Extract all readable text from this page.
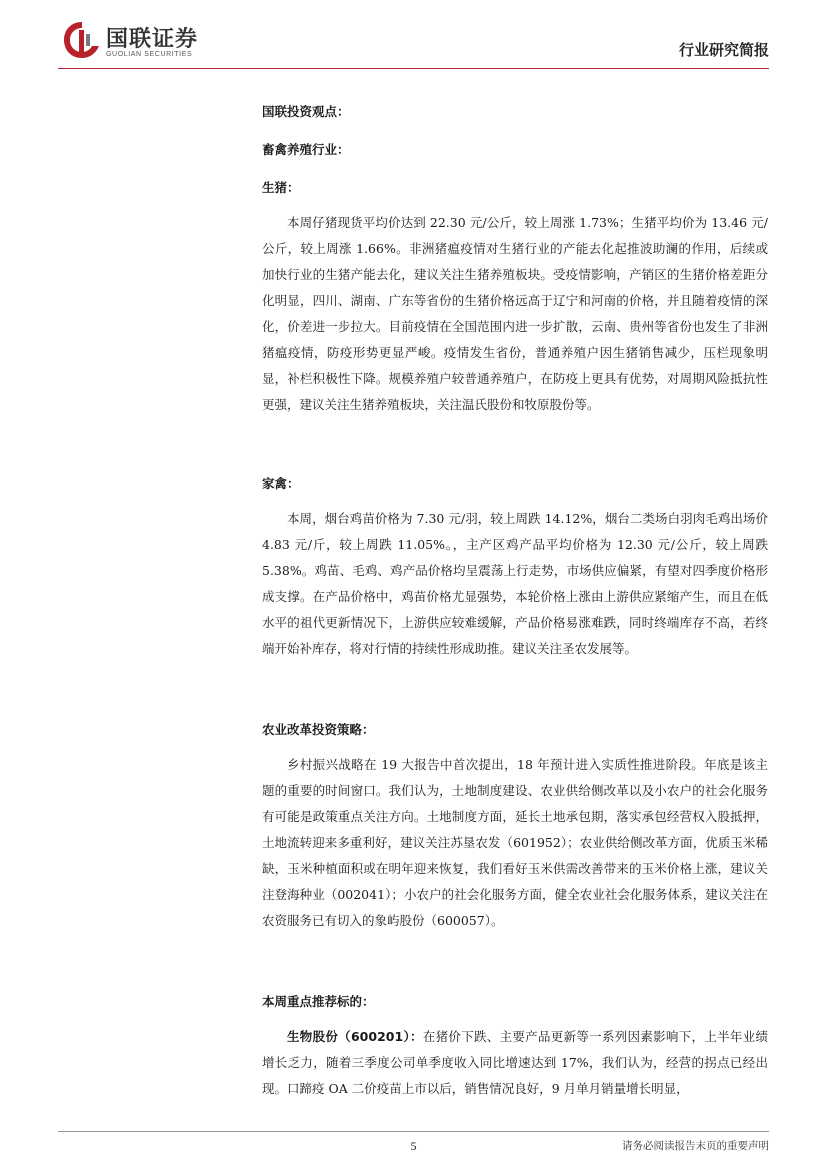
国联证券
GUOLIAN SECURITIES	行业研究简报
国联投资观点：
畜禽养殖行业：
生猪：

本周仔猪现货平均价达到 22.30 元/公斤，较上周涨 1.73%；生猪平均价为 13.46 元/公斤，较上周涨 1.66%。非洲猪瘟疫情对生猪行业的产能去化起推波助澜的作用，后续或加快行业的生猪产能去化，建议关注生猪养殖板块。受疫情影响，产销区的生猪价格差距分化明显，四川、湖南、广东等省份的生猪价格远高于辽宁和河南的价格，并且随着疫情的深化，价差进一步拉大。目前疫情在全国范围内进一步扩散，云南、贵州等省份也发生了非洲猪瘟疫情，防疫形势更显严峻。疫情发生省份，普通养殖户因生猪销售减少，压栏现象明显，补栏积极性下降。规模养殖户较普通养殖户，在防疫上更具有优势，对周期风险抵抗性更强，建议关注生猪养殖板块，关注温氏股份和牧原股份等。

家禽：

本周，烟台鸡苗价格为 7.30 元/羽，较上周跌 14.12%，烟台二类场白羽肉毛鸡出场价 4.83 元/斤，较上周跌 11.05%。，主产区鸡产品平均价格为 12.30 元/公斤，较上周跌 5.38%。鸡苗、毛鸡、鸡产品价格均呈震荡上行走势，市场供应偏紧，有望对四季度价格形成支撑。在产品价格中，鸡苗价格尤显强势，本轮价格上涨由上游供应紧缩产生，而且在低水平的祖代更新情况下，上游供应较难缓解，产品价格易涨难跌，同时终端库存不高，若终端开始补库存，将对行情的持续性形成助推。建议关注圣农发展等。

农业改革投资策略：

乡村振兴战略在 19 大报告中首次提出，18 年预计进入实质性推进阶段。年底是该主题的重要的时间窗口。我们认为，土地制度建设、农业供给侧改革以及小农户的社会化服务有可能是政策重点关注方向。土地制度方面，延长土地承包期，落实承包经营权入股抵押，土地流转迎来多重利好，建议关注苏垦农发（601952）；农业供给侧改革方面，优质玉米稀缺，玉米种植面积或在明年迎来恢复，我们看好玉米供需改善带来的玉米价格上涨，建议关注登海种业（002041）；小农户的社会化服务方面，健全农业社会化服务体系，建议关注在农资服务已有切入的象屿股份（600057）。

本周重点推荐标的：

生物股份（600201）：在猪价下跌、主要产品更新等一系列因素影响下，上半年业绩增长乏力，随着三季度公司单季度收入同比增速达到 17%，我们认为，经营的拐点已经出现。口蹄疫 OA 二价疫苗上市以后，销售情况良好，9 月单月销量增长明显，

5	请务必阅读报告末页的重要声明
